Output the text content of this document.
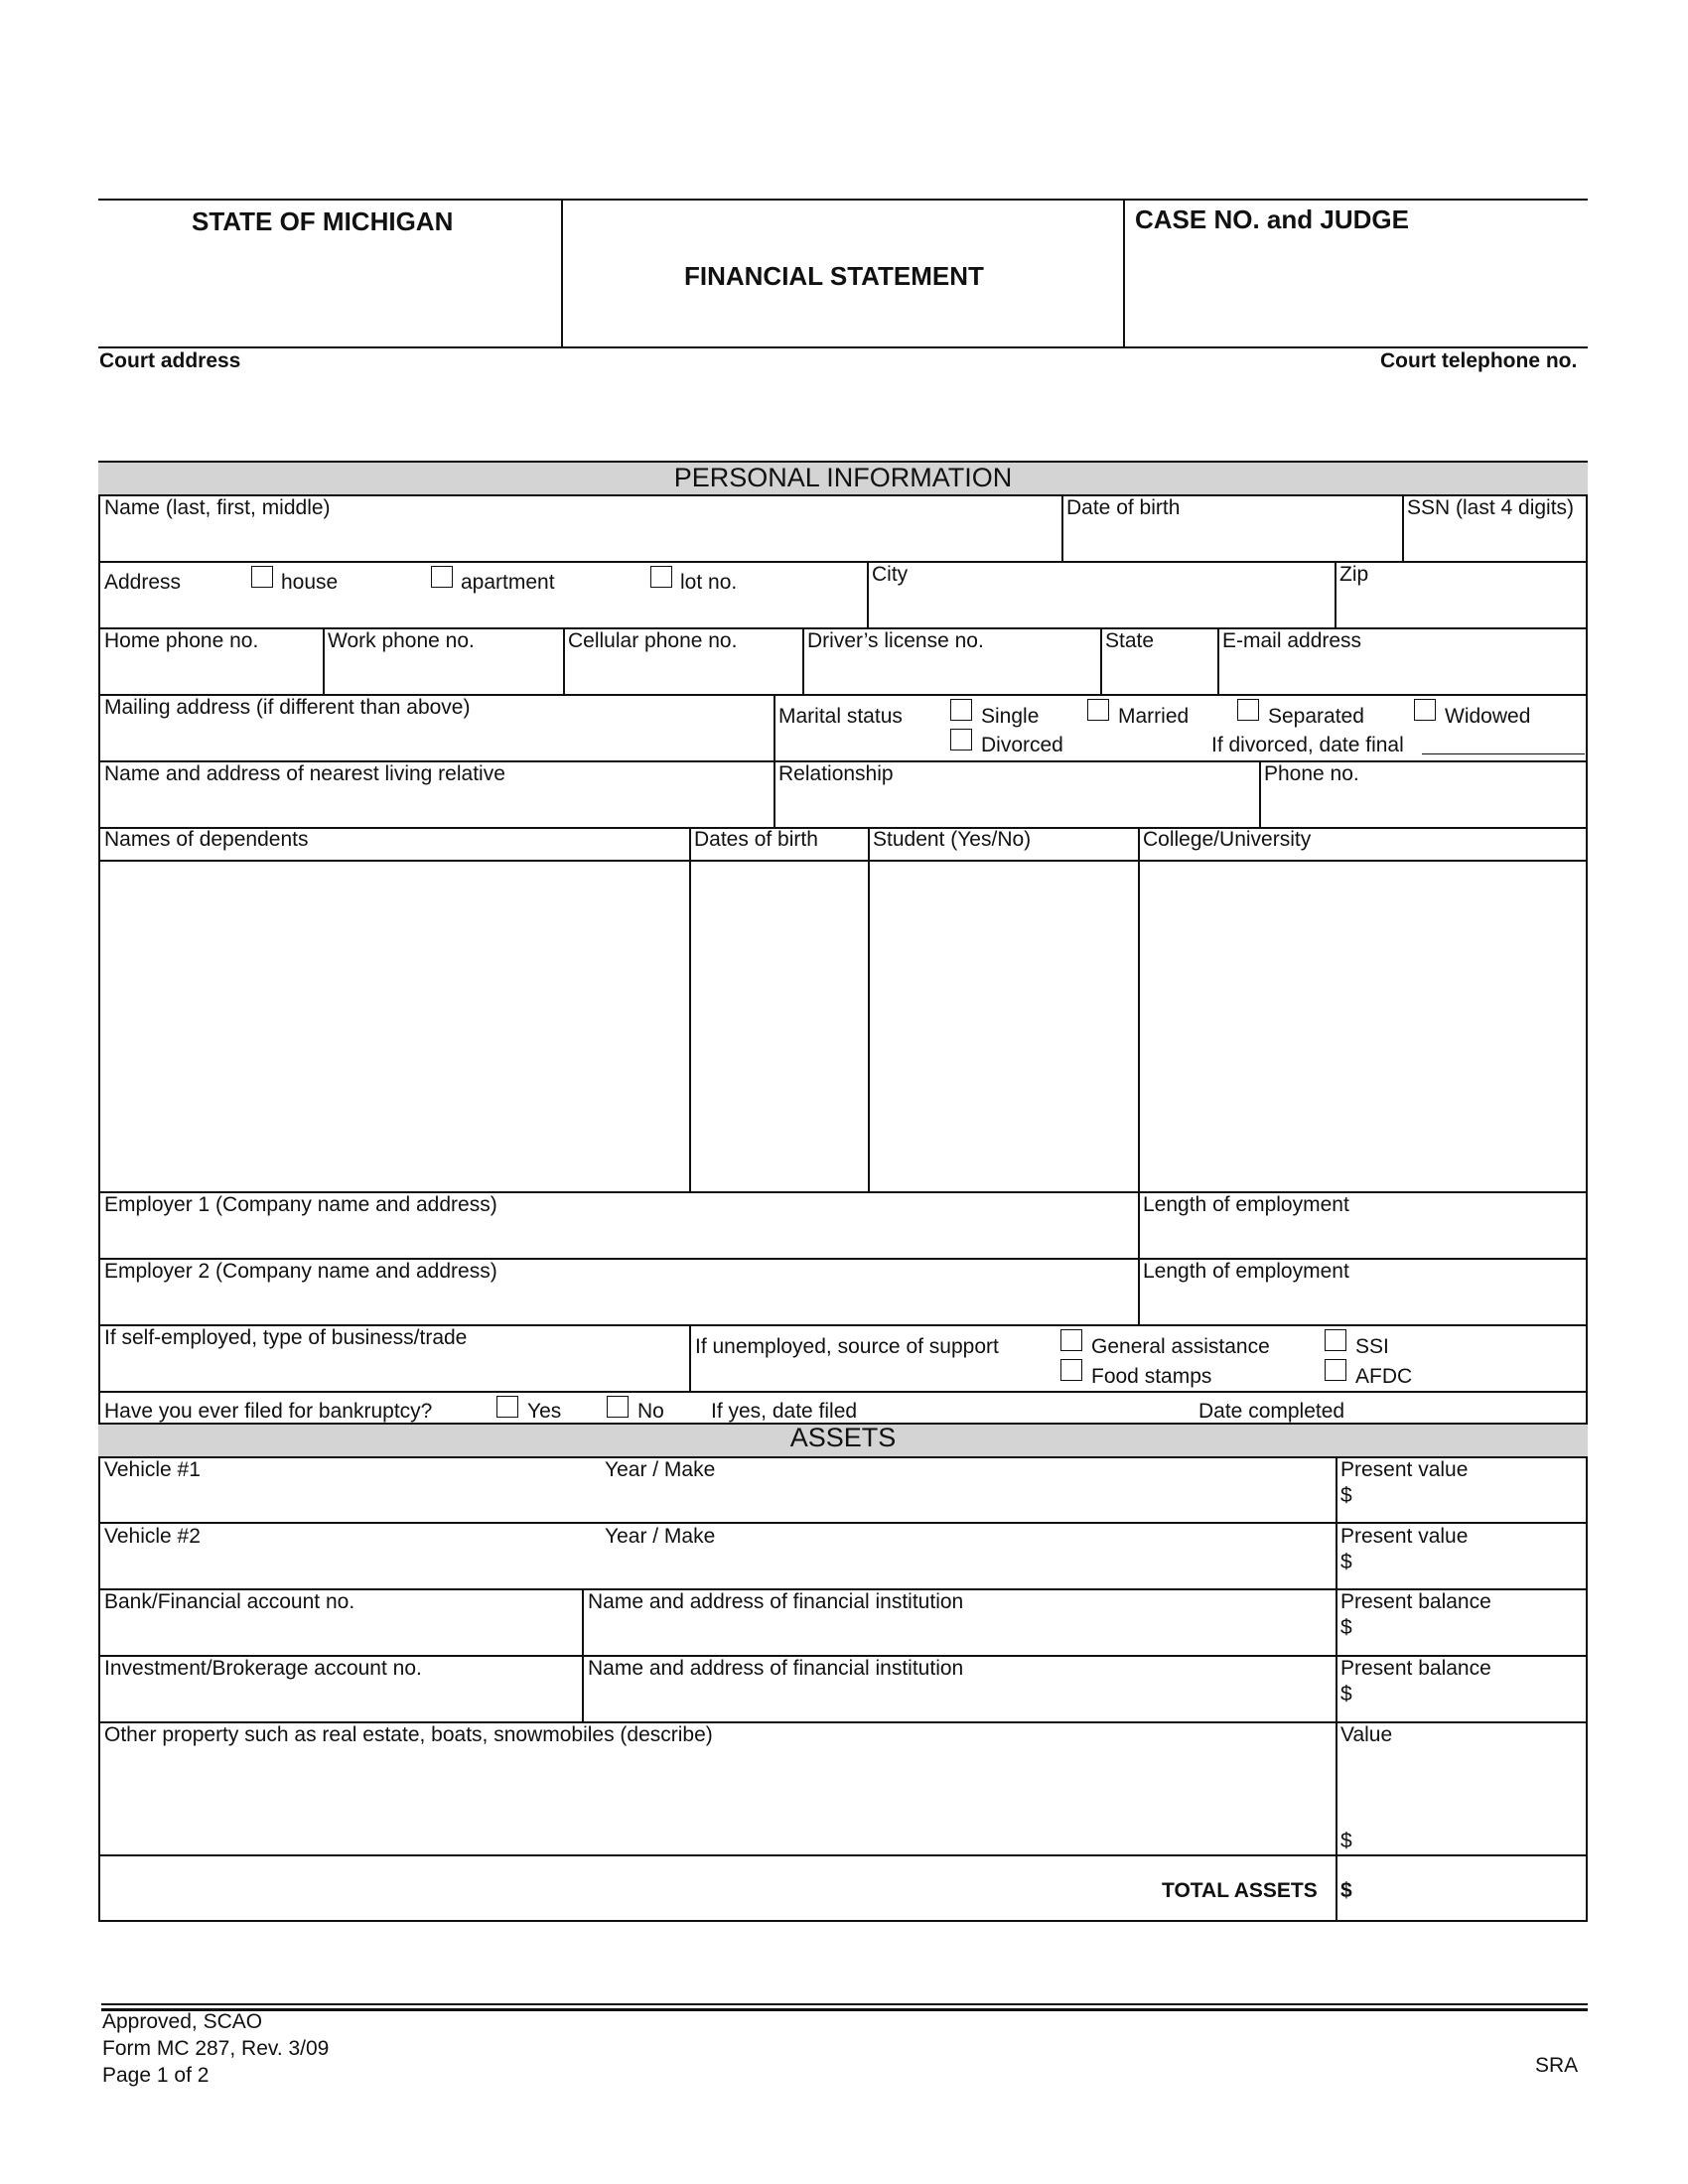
STATE OF MICHIGAN
FINANCIAL STATEMENT
CASE NO. and JUDGE
Court address	Court telephone no.
PERSONAL INFORMATION
Name (last, first, middle)	Date of birth	SSN (last 4 digits)
Address	house	apartment	lot no.	City	Zip
Home phone no.	Work phone no.	Cellular phone no.	Driver’s license no.	State	E-mail address
Mailing address (if different than above)	Marital status	Single	Married	Separated	Widowed
Divorced	If divorced, date final
Name and address of nearest living relative	Relationship	Phone no.
Names of dependents	Dates of birth	Student (Yes/No)	College/University
Employer 1 (Company name and address)	Length of employment
Employer 2 (Company name and address)	Length of employment
If self-employed, type of business/trade	If unemployed, source of support	General assistance	SSI
Food stamps	AFDC
Have you ever filed for bankruptcy?	Yes	No If yes, date filed	Date completed
ASSETS
Vehicle #1	Year / Make	Present value
$
Vehicle #2	Year / Make	Present value
$
Bank/Financial account no.	Name and address of financial institution	Present balance
$
Investment/Brokerage account no.	Name and address of financial institution	Present balance
$
Other property such as real estate, boats, snowmobiles (describe)	Value
$
TOTAL ASSETS $
Approved, SCAO
Form MC 287, Rev. 3/09
Page 1 of 2	SRA
